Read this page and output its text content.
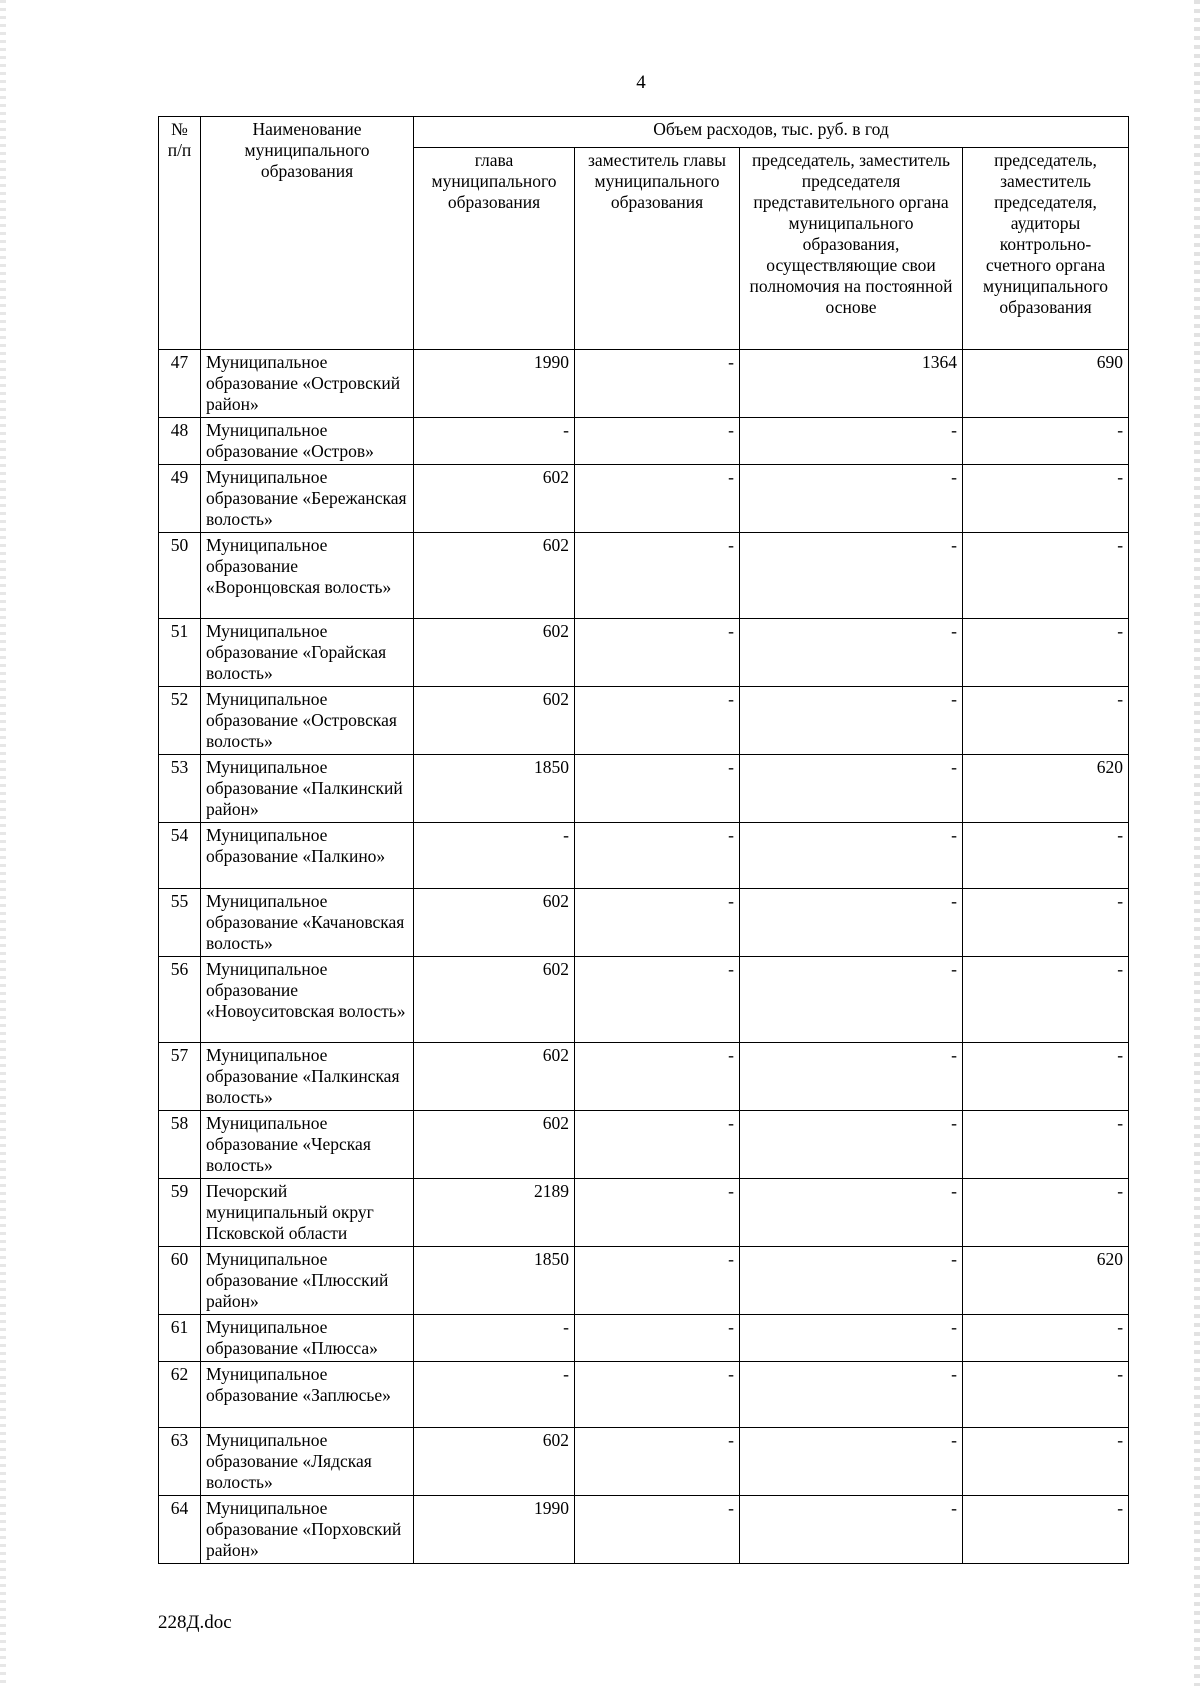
4
№ п/п	Наименование муниципального образования	Объем расходов, тыс. руб. в год			
		глава муниципального образования	заместитель главы муниципального образования	председатель, заместитель председателя представительного органа муниципального образования, осуществляющие свои полномочия на постоянной основе	председатель, заместитель председателя, аудиторы контрольно-счетного органа муниципального образования
47	Муниципальное образование «Островский район»	1990	-	1364	690
48	Муниципальное образование «Остров»	-	-	-	-
49	Муниципальное образование «Бережанская волость»	602	-	-	-
50	Муниципальное образование «Воронцовская волость»	602	-	-	-
51	Муниципальное образование «Горайская волость»	602	-	-	-
52	Муниципальное образование «Островская волость»	602	-	-	-
53	Муниципальное образование «Палкинский район»	1850	-	-	620
54	Муниципальное образование «Палкино»	-	-	-	-
55	Муниципальное образование «Качановская волость»	602	-	-	-
56	Муниципальное образование «Новоуситовская волость»	602	-	-	-
57	Муниципальное образование «Палкинская волость»	602	-	-	-
58	Муниципальное образование «Черская волость»	602	-	-	-
59	Печорский муниципальный округ Псковской области	2189	-	-	-
60	Муниципальное образование «Плюсский район»	1850	-	-	620
61	Муниципальное образование «Плюсса»	-	-	-	-
62	Муниципальное образование «Заплюсье»	-	-	-	-
63	Муниципальное образование «Лядская волость»	602	-	-	-
64	Муниципальное образование «Порховский район»	1990	-	-	-
228Д.doc
